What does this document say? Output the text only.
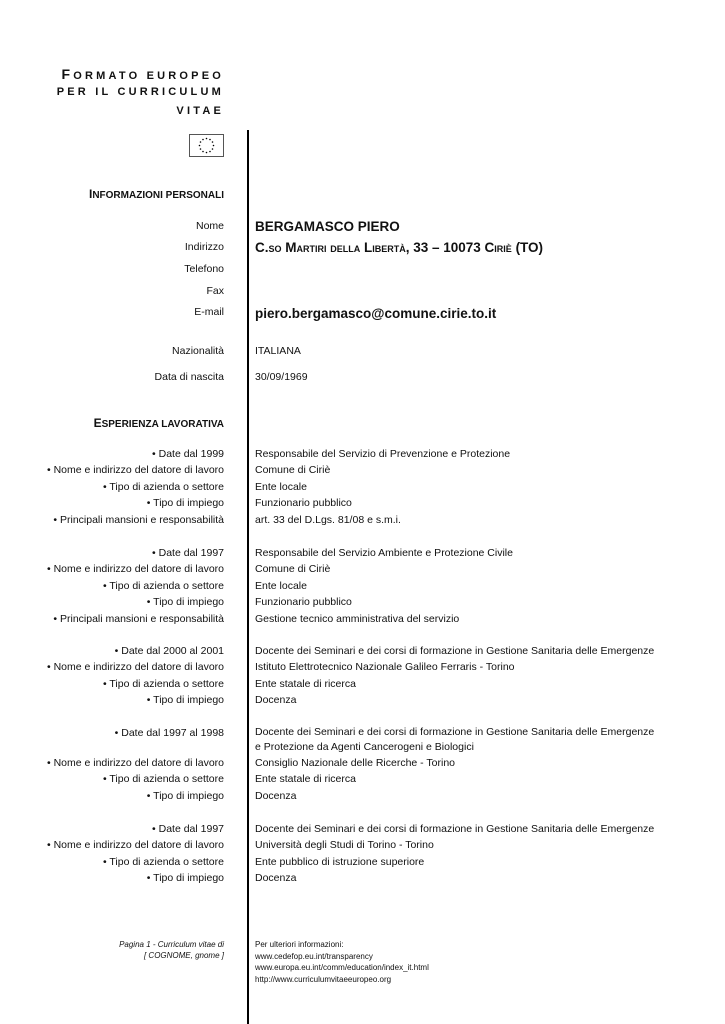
FORMATO EUROPEO
PER IL CURRICULUM
VITAE
INFORMAZIONI PERSONALI
Nome BERGAMASCO PIERO
Indirizzo C.so Martiri della Libertà, 33 – 10073 Ciriè (TO)
Telefono
Fax
E-mail piero.bergamasco@comune.cirie.to.it
Nazionalità	ITALIANA
Data di nascita	30/09/1969
ESPERIENZA LAVORATIVA
• Date dal 1999	Responsabile del Servizio di Prevenzione e Protezione
• Nome e indirizzo del datore di lavoro	Comune di Ciriè
• Tipo di azienda o settore	Ente locale
• Tipo di impiego	Funzionario pubblico
• Principali mansioni e responsabilità	art. 33 del D.Lgs. 81/08 e s.m.i.
• Date dal 1997	Responsabile del Servizio Ambiente e Protezione Civile
• Nome e indirizzo del datore di lavoro	Comune di Ciriè
• Tipo di azienda o settore	Ente locale
• Tipo di impiego	Funzionario pubblico
• Principali mansioni e responsabilità	Gestione tecnico amministrativa del servizio
• Date dal 2000 al 2001	Docente dei Seminari e dei corsi di formazione in Gestione Sanitaria delle Emergenze
• Nome e indirizzo del datore di lavoro	Istituto Elettrotecnico Nazionale Galileo Ferraris - Torino
• Tipo di azienda o settore	Ente statale di ricerca
• Tipo di impiego	Docenza
• Date dal 1997 al 1998	Docente dei Seminari e dei corsi di formazione in Gestione Sanitaria delle Emergenze e Protezione da Agenti Cancerogeni e Biologici
• Nome e indirizzo del datore di lavoro	Consiglio Nazionale delle Ricerche - Torino
• Tipo di azienda o settore	Ente statale di ricerca
• Tipo di impiego	Docenza
• Date dal 1997	Docente dei Seminari e dei corsi di formazione in Gestione Sanitaria delle Emergenze
• Nome e indirizzo del datore di lavoro	Università degli Studi di Torino - Torino
• Tipo di azienda o settore	Ente pubblico di istruzione superiore
• Tipo di impiego	Docenza
Pagina 1 - Curriculum vitae di
[ COGNOME, gnome ]
Per ulteriori informazioni:
www.cedefop.eu.int/transparency
www.europa.eu.int/comm/education/index_it.html
http://www.curriculumvitaeeuropeo.org
